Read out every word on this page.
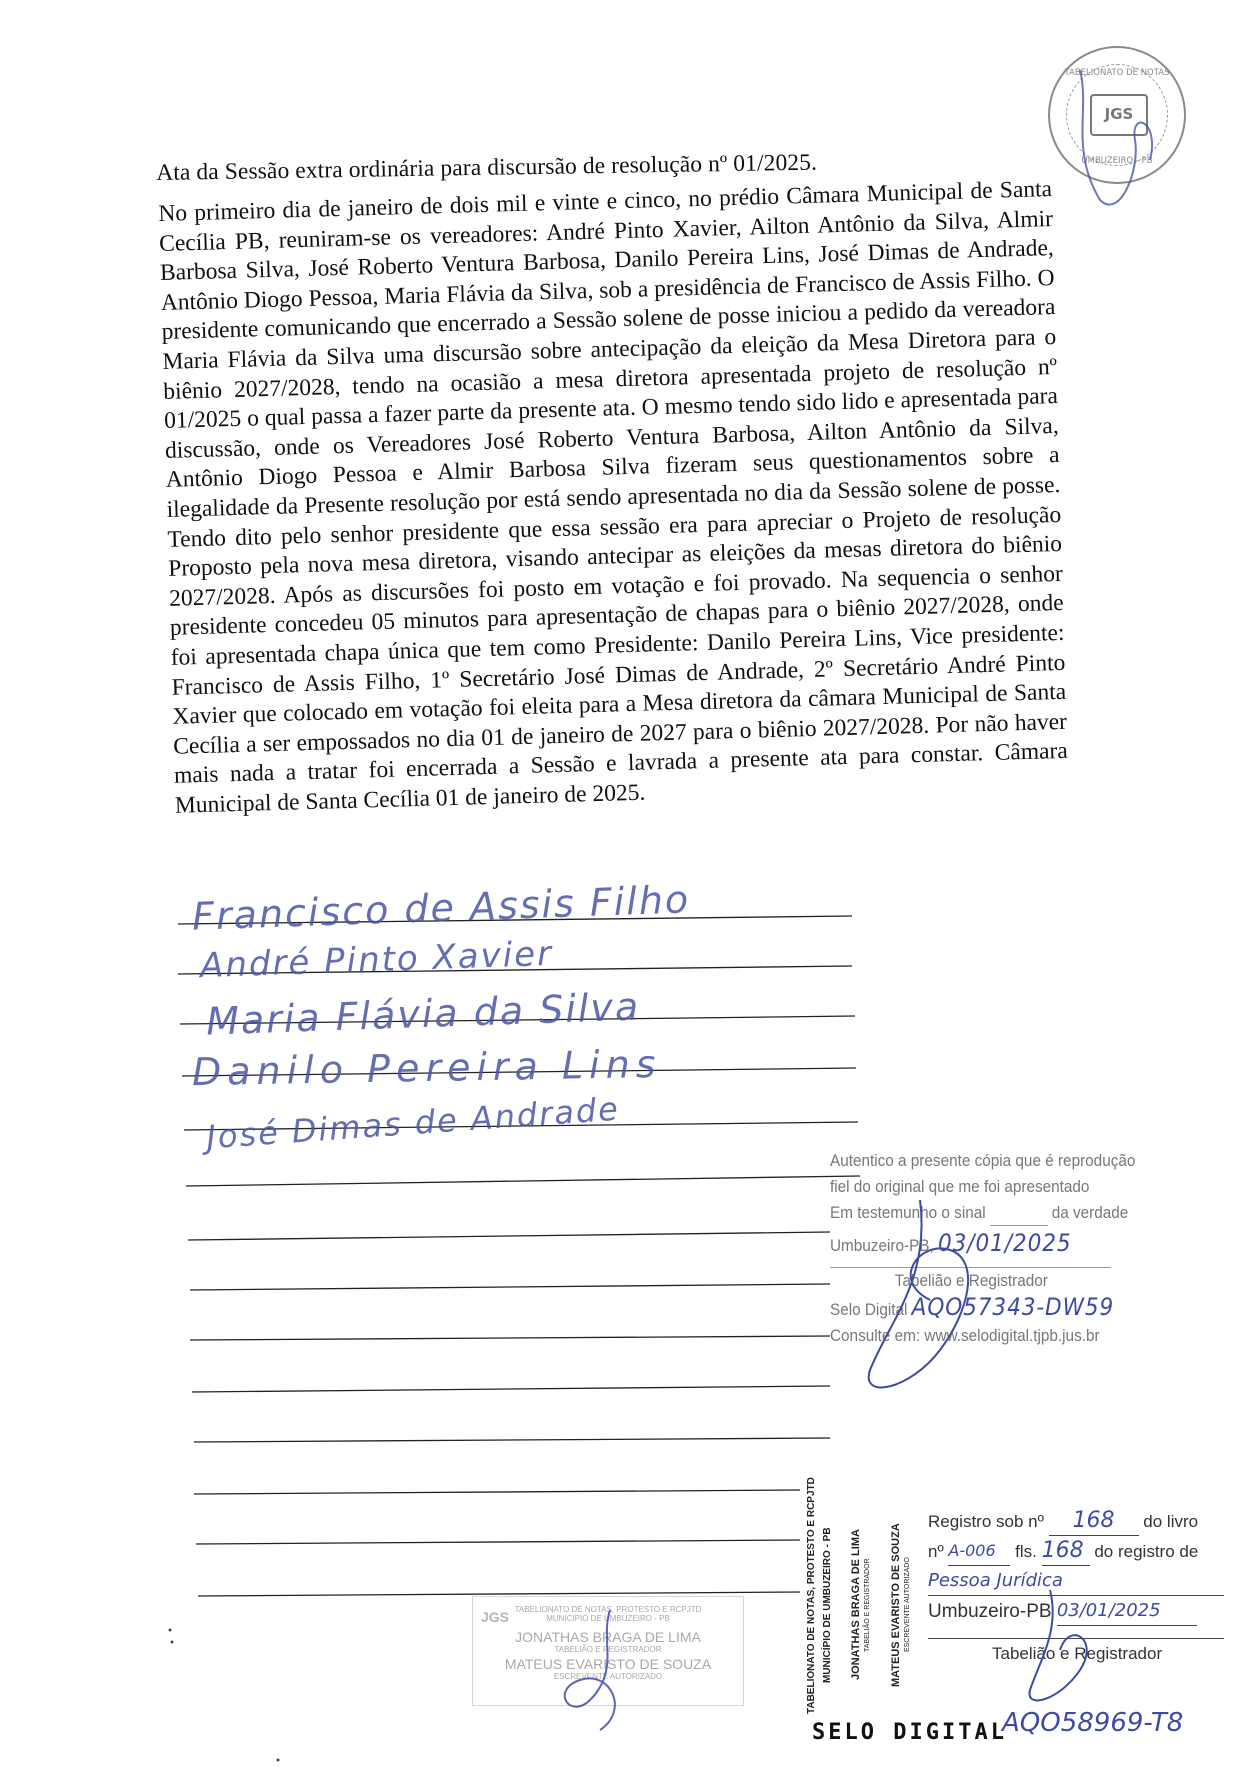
TABELIONATO DE NOTAS
JGS
UMBUZEIRO - PB
Ata da Sessão extra ordinária para discursão de resolução nº 01/2025.
No primeiro dia de janeiro de dois mil e vinte e cinco, no prédio Câmara Municipal de Santa Cecília PB, reuniram-se os vereadores: André Pinto Xavier, Ailton Antônio da Silva, Almir Barbosa Silva, José Roberto Ventura Barbosa, Danilo Pereira Lins, José Dimas de Andrade, Antônio Diogo Pessoa, Maria Flávia da Silva, sob a presidência de Francisco de Assis Filho. O presidente comunicando que encerrado a Sessão solene de posse iniciou a pedido da vereadora Maria Flávia da Silva uma discursão sobre antecipação da eleição da Mesa Diretora para o biênio 2027/2028, tendo na ocasião a mesa diretora apresentada projeto de resolução nº 01/2025 o qual passa a fazer parte da presente ata. O mesmo tendo sido lido e apresentada para discussão, onde os Vereadores José Roberto Ventura Barbosa, Ailton Antônio da Silva, Antônio Diogo Pessoa e Almir Barbosa Silva fizeram seus questionamentos sobre a ilegalidade da Presente resolução por está sendo apresentada no dia da Sessão solene de posse. Tendo dito pelo senhor presidente que essa sessão era para apreciar o Projeto de resolução Proposto pela nova mesa diretora, visando antecipar as eleições da mesas diretora do biênio 2027/2028. Após as discursões foi posto em votação e foi provado. Na sequencia o senhor presidente concedeu 05 minutos para apresentação de chapas para o biênio 2027/2028, onde foi apresentada chapa única que tem como Presidente: Danilo Pereira Lins, Vice presidente: Francisco de Assis Filho, 1º Secretário José Dimas de Andrade, 2º Secretário André Pinto Xavier que colocado em votação foi eleita para a Mesa diretora da câmara Municipal de Santa Cecília a ser empossados no dia 01 de janeiro de 2027 para o biênio 2027/2028. Por não haver mais nada a tratar foi encerrada a Sessão e lavrada a presente ata para constar. Câmara Municipal de Santa Cecília 01 de janeiro de 2025.
Francisco de Assis Filho
André Pinto Xavier
Maria Flávia da Silva
Danilo Pereira Lins
José Dimas de Andrade
Autentico a presente cópia que é reprodução
fiel do original que me foi apresentado
Em testemunho o sinal	da verdade
Umbuzeiro-PB, 03/01/2025
Tabelião e Registrador
Selo Digital AQO57343-DW59
Consulte em: www.selodigital.tjpb.jus.br
TABELIONATO DE NOTAS, PROTESTO E RCPJTD MUNICÍPIO DE UMBUZEIRO - PB	JONATHAS BRAGA DE LIMA TABELIÃO E REGISTRADOR	MATEUS EVARISTO DE SOUZA ESCREVENTE AUTORIZADO
Registro sob nº 168 do livro
nº A-006 fls. 168 do registro de
Pessoa Jurídica
Umbuzeiro-PB 03/01/2025
Tabelião e Registrador
SELO DIGITAL
AQO58969-T8
JGS TABELIONATO DE NOTAS, PROTESTO E RCPJTD
MUNICÍPIO DE UMBUZEIRO - PB
JONATHAS BRAGA DE LIMA
TABELIÃO E REGISTRADOR
MATEUS EVARISTO DE SOUZA
ESCREVENTE AUTORIZADO
